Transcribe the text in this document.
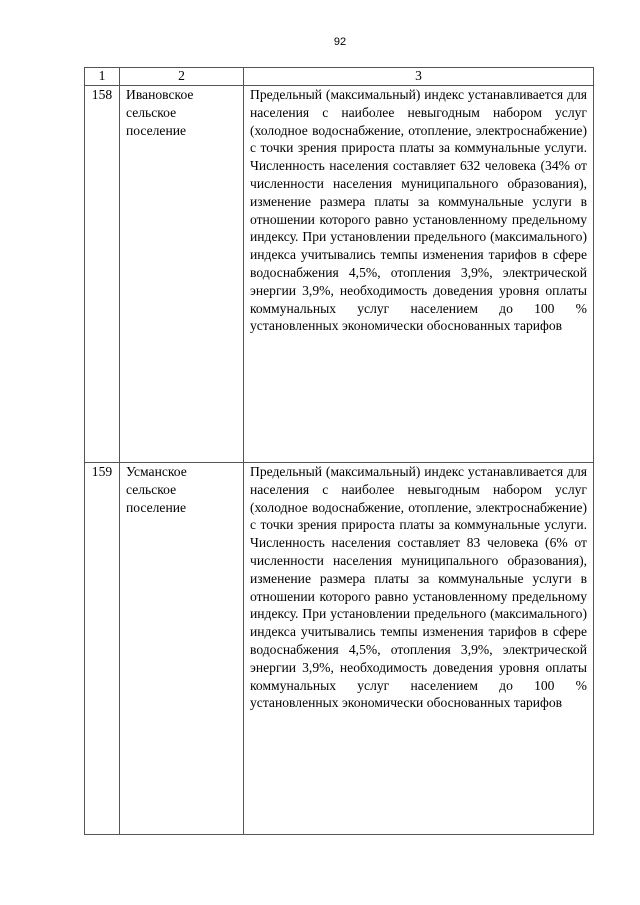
92
1	2	3

158	Ивановское сельское поселение	Предельный (максимальный) индекс устанавливается для населения с наиболее невыгодным набором услуг (холодное водоснабжение, отопление, электроснабжение) с точки зрения прироста платы за коммунальные услуги. Численность населения составляет 632 человека (34% от численности населения муниципального образования), изменение размера платы за коммунальные услуги в отношении которого равно установленному предельному индексу. При установлении предельного (максимального) индекса учитывались темпы изменения тарифов в сфере водоснабжения 4,5%, отопления 3,9%, электрической энергии 3,9%, необходимость доведения уровня оплаты коммунальных услуг населением до 100 % установленных экономически обоснованных тарифов

159	Усманское сельское поселение	Предельный (максимальный) индекс устанавливается для населения с наиболее невыгодным набором услуг (холодное водоснабжение, отопление, электроснабжение) с точки зрения прироста платы за коммунальные услуги. Численность населения составляет 83 человека (6% от численности населения муниципального образования), изменение размера платы за коммунальные услуги в отношении которого равно установленному предельному индексу. При установлении предельного (максимального) индекса учитывались темпы изменения тарифов в сфере водоснабжения 4,5%, отопления 3,9%, электрической энергии 3,9%, необходимость доведения уровня оплаты коммунальных услуг населением до 100 % установленных экономически обоснованных тарифов
